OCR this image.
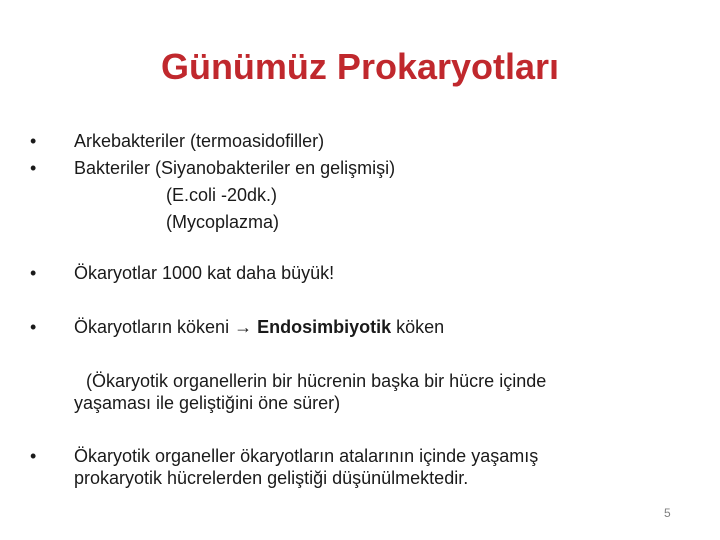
Günümüz Prokaryotları
• Arkebakteriler (termoasidofiller)
• Bakteriler (Siyanobakteriler en gelişmişi)
(E.coli -20dk.)
(Mycoplazma)
• Ökaryotlar 1000 kat daha büyük!
• Ökaryotların kökeni → Endosimbiyotik köken
(Ökaryotik organellerin bir hücrenin başka bir hücre içinde
yaşaması ile geliştiğini öne sürer)
• Ökaryotik organeller ökaryotların atalarının içinde yaşamış
prokaryotik hücrelerden geliştiği düşünülmektedir.
5
